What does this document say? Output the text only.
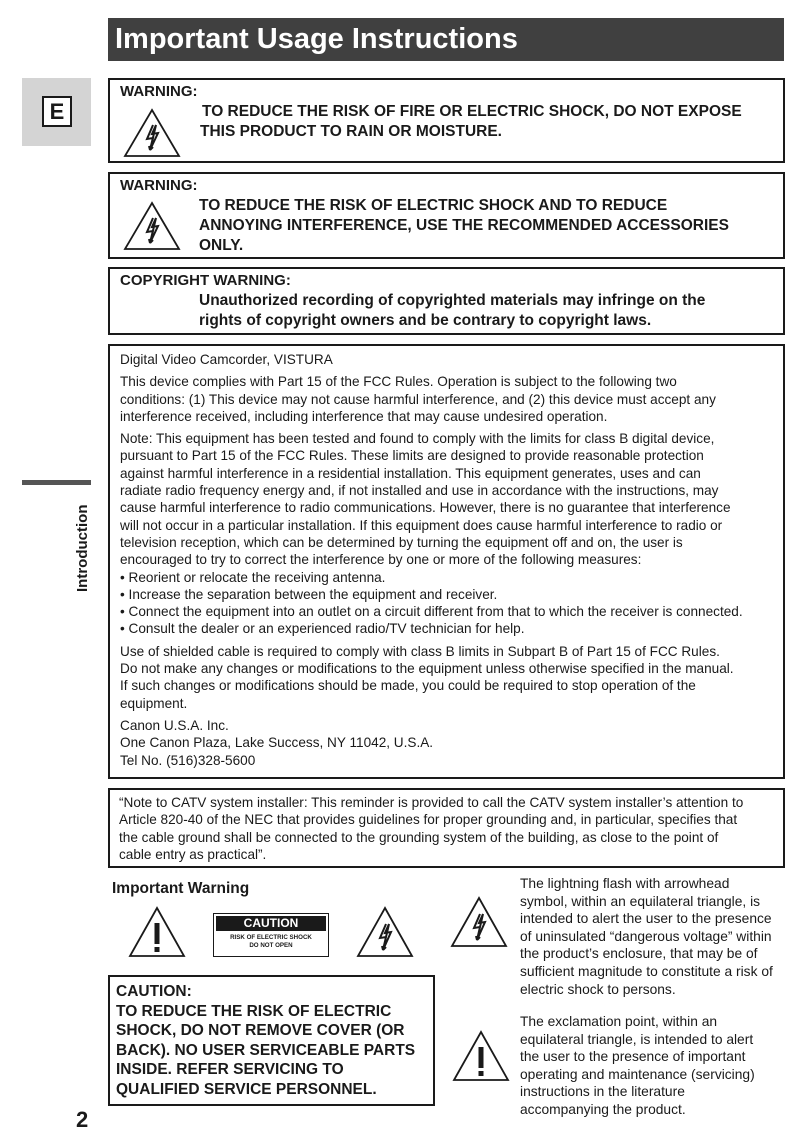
Important Usage Instructions
E
Introduction
WARNING:
TO REDUCE THE RISK OF FIRE OR ELECTRIC SHOCK, DO NOT EXPOSE
THIS PRODUCT TO RAIN OR MOISTURE.
WARNING:
TO REDUCE THE RISK OF ELECTRIC SHOCK AND TO REDUCE
ANNOYING INTERFERENCE, USE THE RECOMMENDED ACCESSORIES
ONLY.
COPYRIGHT WARNING:
Unauthorized recording of copyrighted materials may infringe on the
rights of copyright owners and be contrary to copyright laws.

Digital Video Camcorder, VISTURA

This device complies with Part 15 of the FCC Rules. Operation is subject to the following two
conditions: (1) This device may not cause harmful interference, and (2) this device must accept any
interference received, including interference that may cause undesired operation.

Note: This equipment has been tested and found to comply with the limits for class B digital device,
pursuant to Part 15 of the FCC Rules. These limits are designed to provide reasonable protection
against harmful interference in a residential installation. This equipment generates, uses and can
radiate radio frequency energy and, if not installed and use in accordance with the instructions, may
cause harmful interference to radio communications. However, there is no guarantee that interference
will not occur in a particular installation. If this equipment does cause harmful interference to radio or
television reception, which can be determined by turning the equipment off and on, the user is
encouraged to try to correct the interference by one or more of the following measures:
• Reorient or relocate the receiving antenna.
• Increase the separation between the equipment and receiver.
• Connect the equipment into an outlet on a circuit different from that to which the receiver is connected.
• Consult the dealer or an experienced radio/TV technician for help.

Use of shielded cable is required to comply with class B limits in Subpart B of Part 15 of FCC Rules.
Do not make any changes or modifications to the equipment unless otherwise specified in the manual.
If such changes or modifications should be made, you could be required to stop operation of the
equipment.

Canon U.S.A. Inc.
One Canon Plaza, Lake Success, NY 11042, U.S.A.
Tel No. (516)328-5600

“Note to CATV system installer: This reminder is provided to call the CATV system installer’s attention to
Article 820-40 of the NEC that provides guidelines for proper grounding and, in particular, specifies that
the cable ground shall be connected to the grounding system of the building, as close to the point of
cable entry as practical”.
Important Warning
CAUTION
RISK OF ELECTRIC SHOCK
DO NOT OPEN
CAUTION:
TO REDUCE THE RISK OF ELECTRIC
SHOCK, DO NOT REMOVE COVER (OR
BACK). NO USER SERVICEABLE PARTS
INSIDE. REFER SERVICING TO
QUALIFIED SERVICE PERSONNEL.
The lightning flash with arrowhead
symbol, within an equilateral triangle, is
intended to alert the user to the presence
of uninsulated “dangerous voltage” within
the product’s enclosure, that may be of
sufficient magnitude to constitute a risk of
electric shock to persons.
The exclamation point, within an
equilateral triangle, is intended to alert
the user to the presence of important
operating and maintenance (servicing)
instructions in the literature
accompanying the product.
2
